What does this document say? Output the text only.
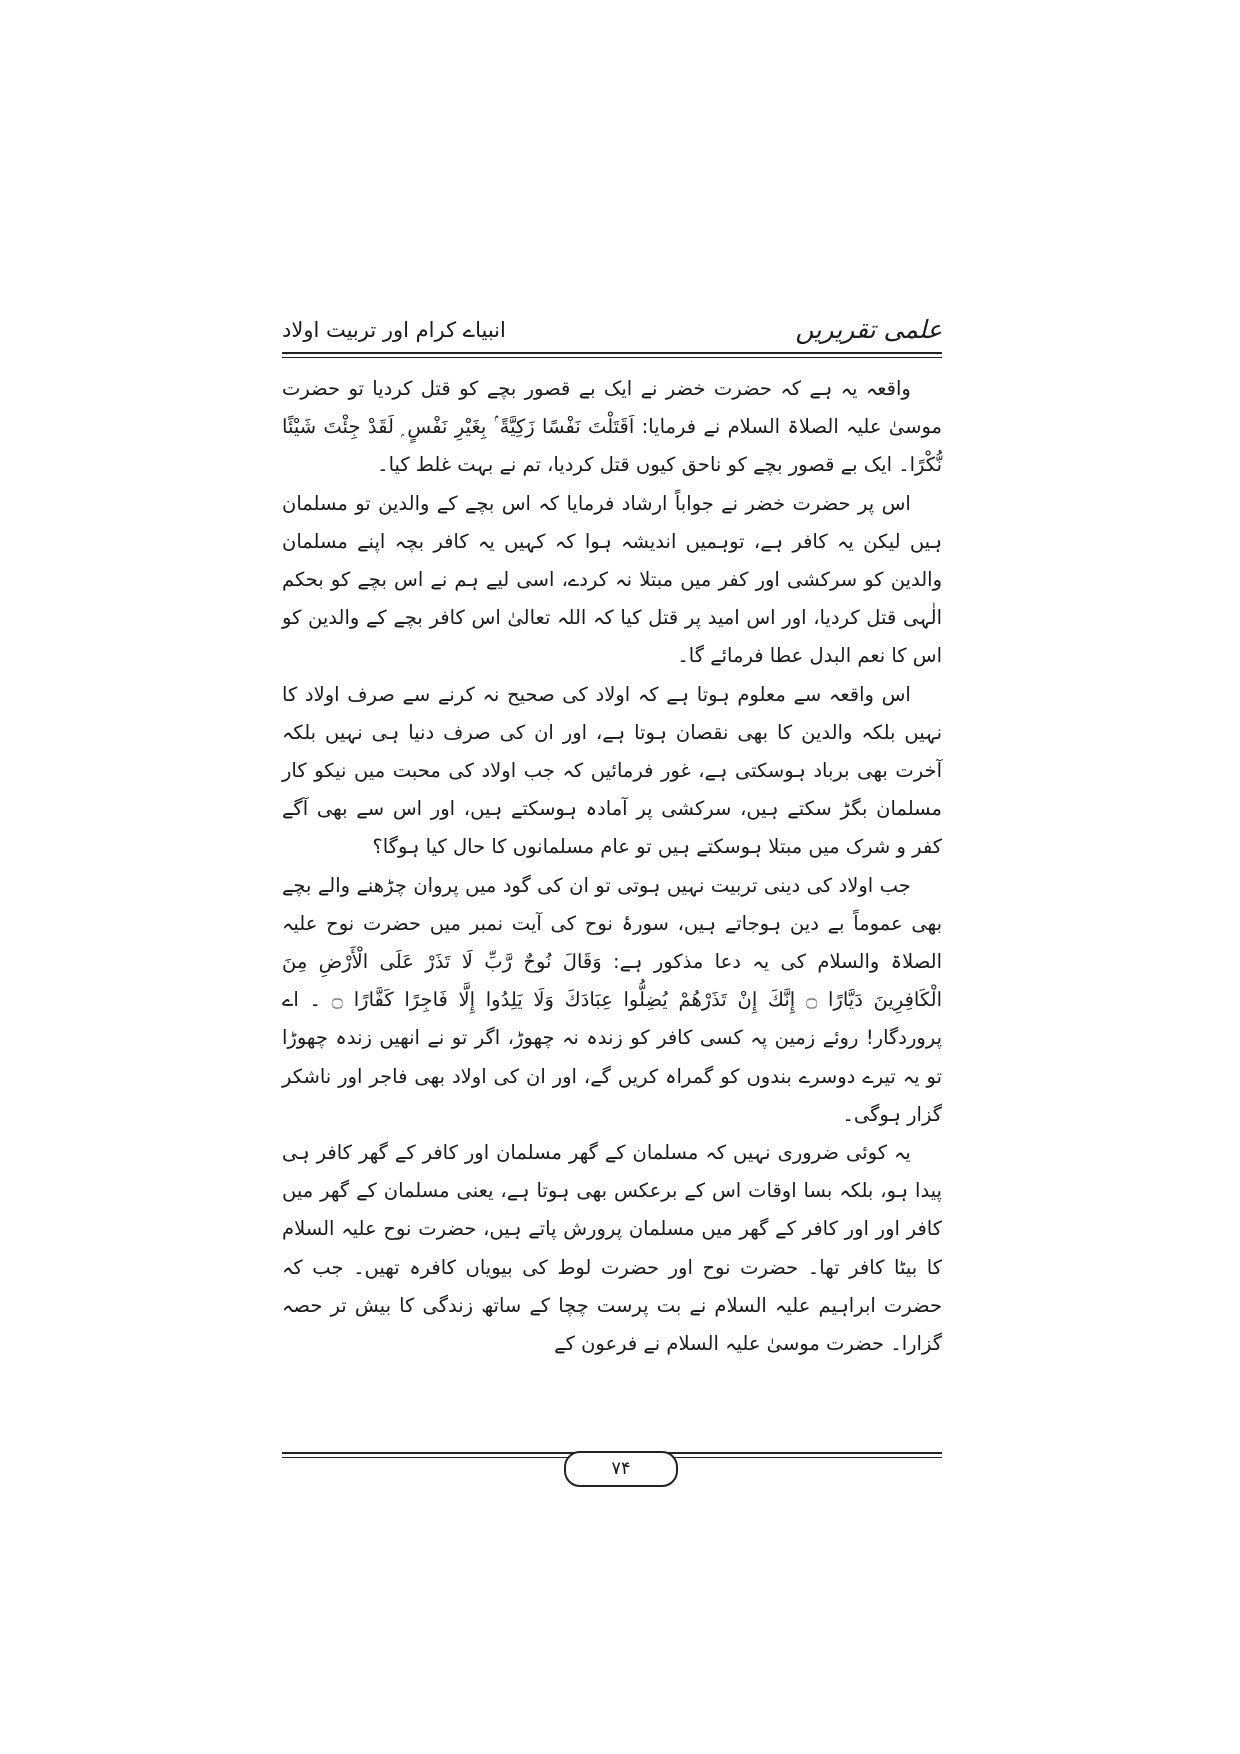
علمی تقریریں
انبیاے کرام اور تربیت اولاد

واقعہ یہ ہے کہ حضرت خضر نے ایک بے قصور بچے کو قتل کردیا تو حضرت موسیٰ علیہ الصلاۃ السلام نے فرمایا: اَقَتَلْتَ نَفْسًا زَكِيَّةً ۢ بِغَيْرِ نَفْسٍ ۭ لَقَدْ جِئْتَ شَيْئًا نُّكْرًا۔ ایک بے قصور بچے کو ناحق کیوں قتل کردیا، تم نے بہت غلط کیا۔

اس پر حضرت خضر نے جواباً ارشاد فرمایا کہ اس بچے کے والدین تو مسلمان ہیں لیکن یہ کافر ہے، توہمیں اندیشہ ہوا کہ کہیں یہ کافر بچہ اپنے مسلمان والدین کو سرکشی اور کفر میں مبتلا نہ کردے، اسی لیے ہم نے اس بچے کو بحکم الٰہی قتل کردیا، اور اس امید پر قتل کیا کہ اللہ تعالیٰ اس کافر بچے کے والدین کو اس کا نعم البدل عطا فرمائے گا۔

اس واقعہ سے معلوم ہوتا ہے کہ اولاد کی صحیح نہ کرنے سے صرف اولاد کا نہیں بلکہ والدین کا بھی نقصان ہوتا ہے، اور ان کی صرف دنیا ہی نہیں بلکہ آخرت بھی برباد ہوسکتی ہے، غور فرمائیں کہ جب اولاد کی محبت میں نیکو کار مسلمان بگڑ سکتے ہیں، سرکشی پر آمادہ ہوسکتے ہیں، اور اس سے بھی آگے کفر و شرک میں مبتلا ہوسکتے ہیں تو عام مسلمانوں کا حال کیا ہوگا؟

جب اولاد کی دینی تربیت نہیں ہوتی تو ان کی گود میں پروان چڑھنے والے بچے بھی عموماً بے دین ہوجاتے ہیں، سورۂ نوح کی آیت نمبر میں حضرت نوح علیہ الصلاۃ والسلام کی یہ دعا مذکور ہے: وَقَالَ نُوحٌ رَّبِّ لَا تَذَرْ عَلَى الْأَرْضِ مِنَ الْكَافِرِينَ دَيَّارًا ۝ إِنَّكَ إِنْ تَذَرْهُمْ يُضِلُّوا عِبَادَكَ وَلَا يَلِدُوا إِلَّا فَاجِرًا كَفَّارًا ۝ ۔ اے پروردگار! روئے زمین پہ کسی کافر کو زندہ نہ چھوڑ، اگر تو نے انھیں زندہ چھوڑا تو یہ تیرے دوسرے بندوں کو گمراہ کریں گے، اور ان کی اولاد بھی فاجر اور ناشکر گزار ہوگی۔

یہ کوئی ضروری نہیں کہ مسلمان کے گھر مسلمان اور کافر کے گھر کافر ہی پیدا ہو، بلکہ بسا اوقات اس کے برعکس بھی ہوتا ہے، یعنی مسلمان کے گھر میں کافر اور اور کافر کے گھر میں مسلمان پرورش پاتے ہیں، حضرت نوح علیہ السلام کا بیٹا کافر تھا۔ حضرت نوح اور حضرت لوط کی بیویاں کافرہ تھیں۔ جب کہ حضرت ابراہیم علیہ السلام نے بت پرست چچا کے ساتھ زندگی کا بیش تر حصہ گزارا۔ حضرت موسیٰ علیہ السلام نے فرعون کے

۷۴
